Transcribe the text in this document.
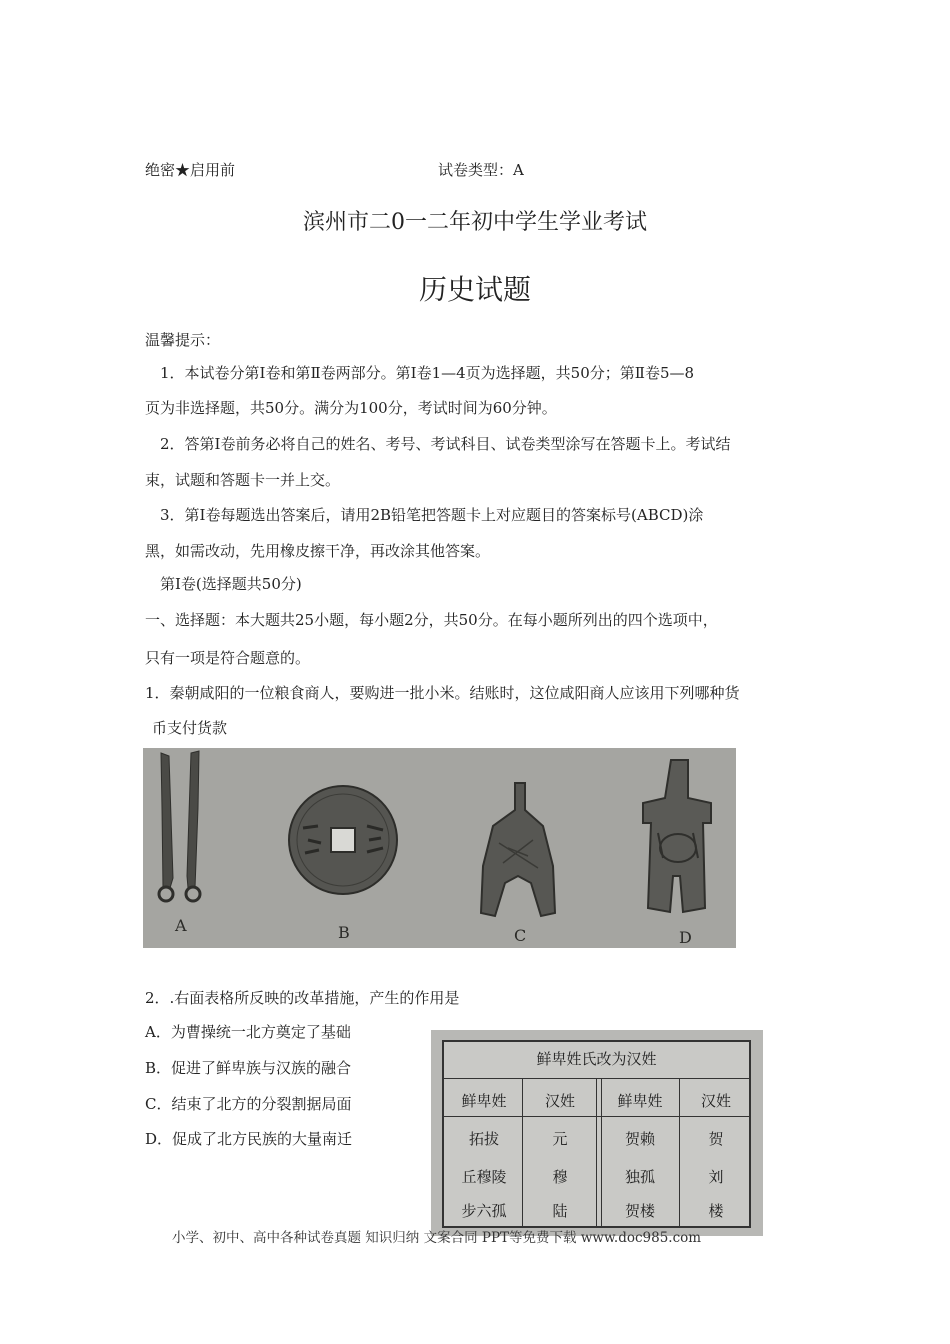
绝密★启用前	试卷类型：A
滨州市二0一二年初中学生学业考试
历史试题
温馨提示：
1．本试卷分第Ⅰ卷和第Ⅱ卷两部分。第Ⅰ卷1—4页为选择题，共50分；第Ⅱ卷5—8
页为非选择题，共50分。满分为100分，考试时间为60分钟。
2．答第Ⅰ卷前务必将自己的姓名、考号、考试科目、试卷类型涂写在答题卡上。考试结
束，试题和答题卡一并上交。
3．第Ⅰ卷每题选出答案后，请用2B铅笔把答题卡上对应题目的答案标号(ABCD)涂
黑，如需改动，先用橡皮擦干净，再改涂其他答案。
第Ⅰ卷(选择题共50分)
一、选择题：本大题共25小题，每小题2分，共50分。在每小题所列出的四个选项中，
只有一项是符合题意的。
1．秦朝咸阳的一位粮食商人，要购进一批小米。结账时，这位咸阳商人应该用下列哪种货
币支付货款
A	B	C	D
2．.右面表格所反映的改革措施，产生的作用是
A．为曹操统一北方奠定了基础
B．促进了鲜卑族与汉族的融合
C．结束了北方的分裂割据局面
D．促成了北方民族的大量南迁
鲜卑姓氏改为汉姓
鲜卑姓	汉姓	鲜卑姓	汉姓
拓拔	元	贺赖	贺
丘穆陵	穆	独孤	刘
步六孤	陆	贺楼	楼
小学、初中、高中各种试卷真题 知识归纳 文案合同 PPT等免费下载 www.doc985.com
